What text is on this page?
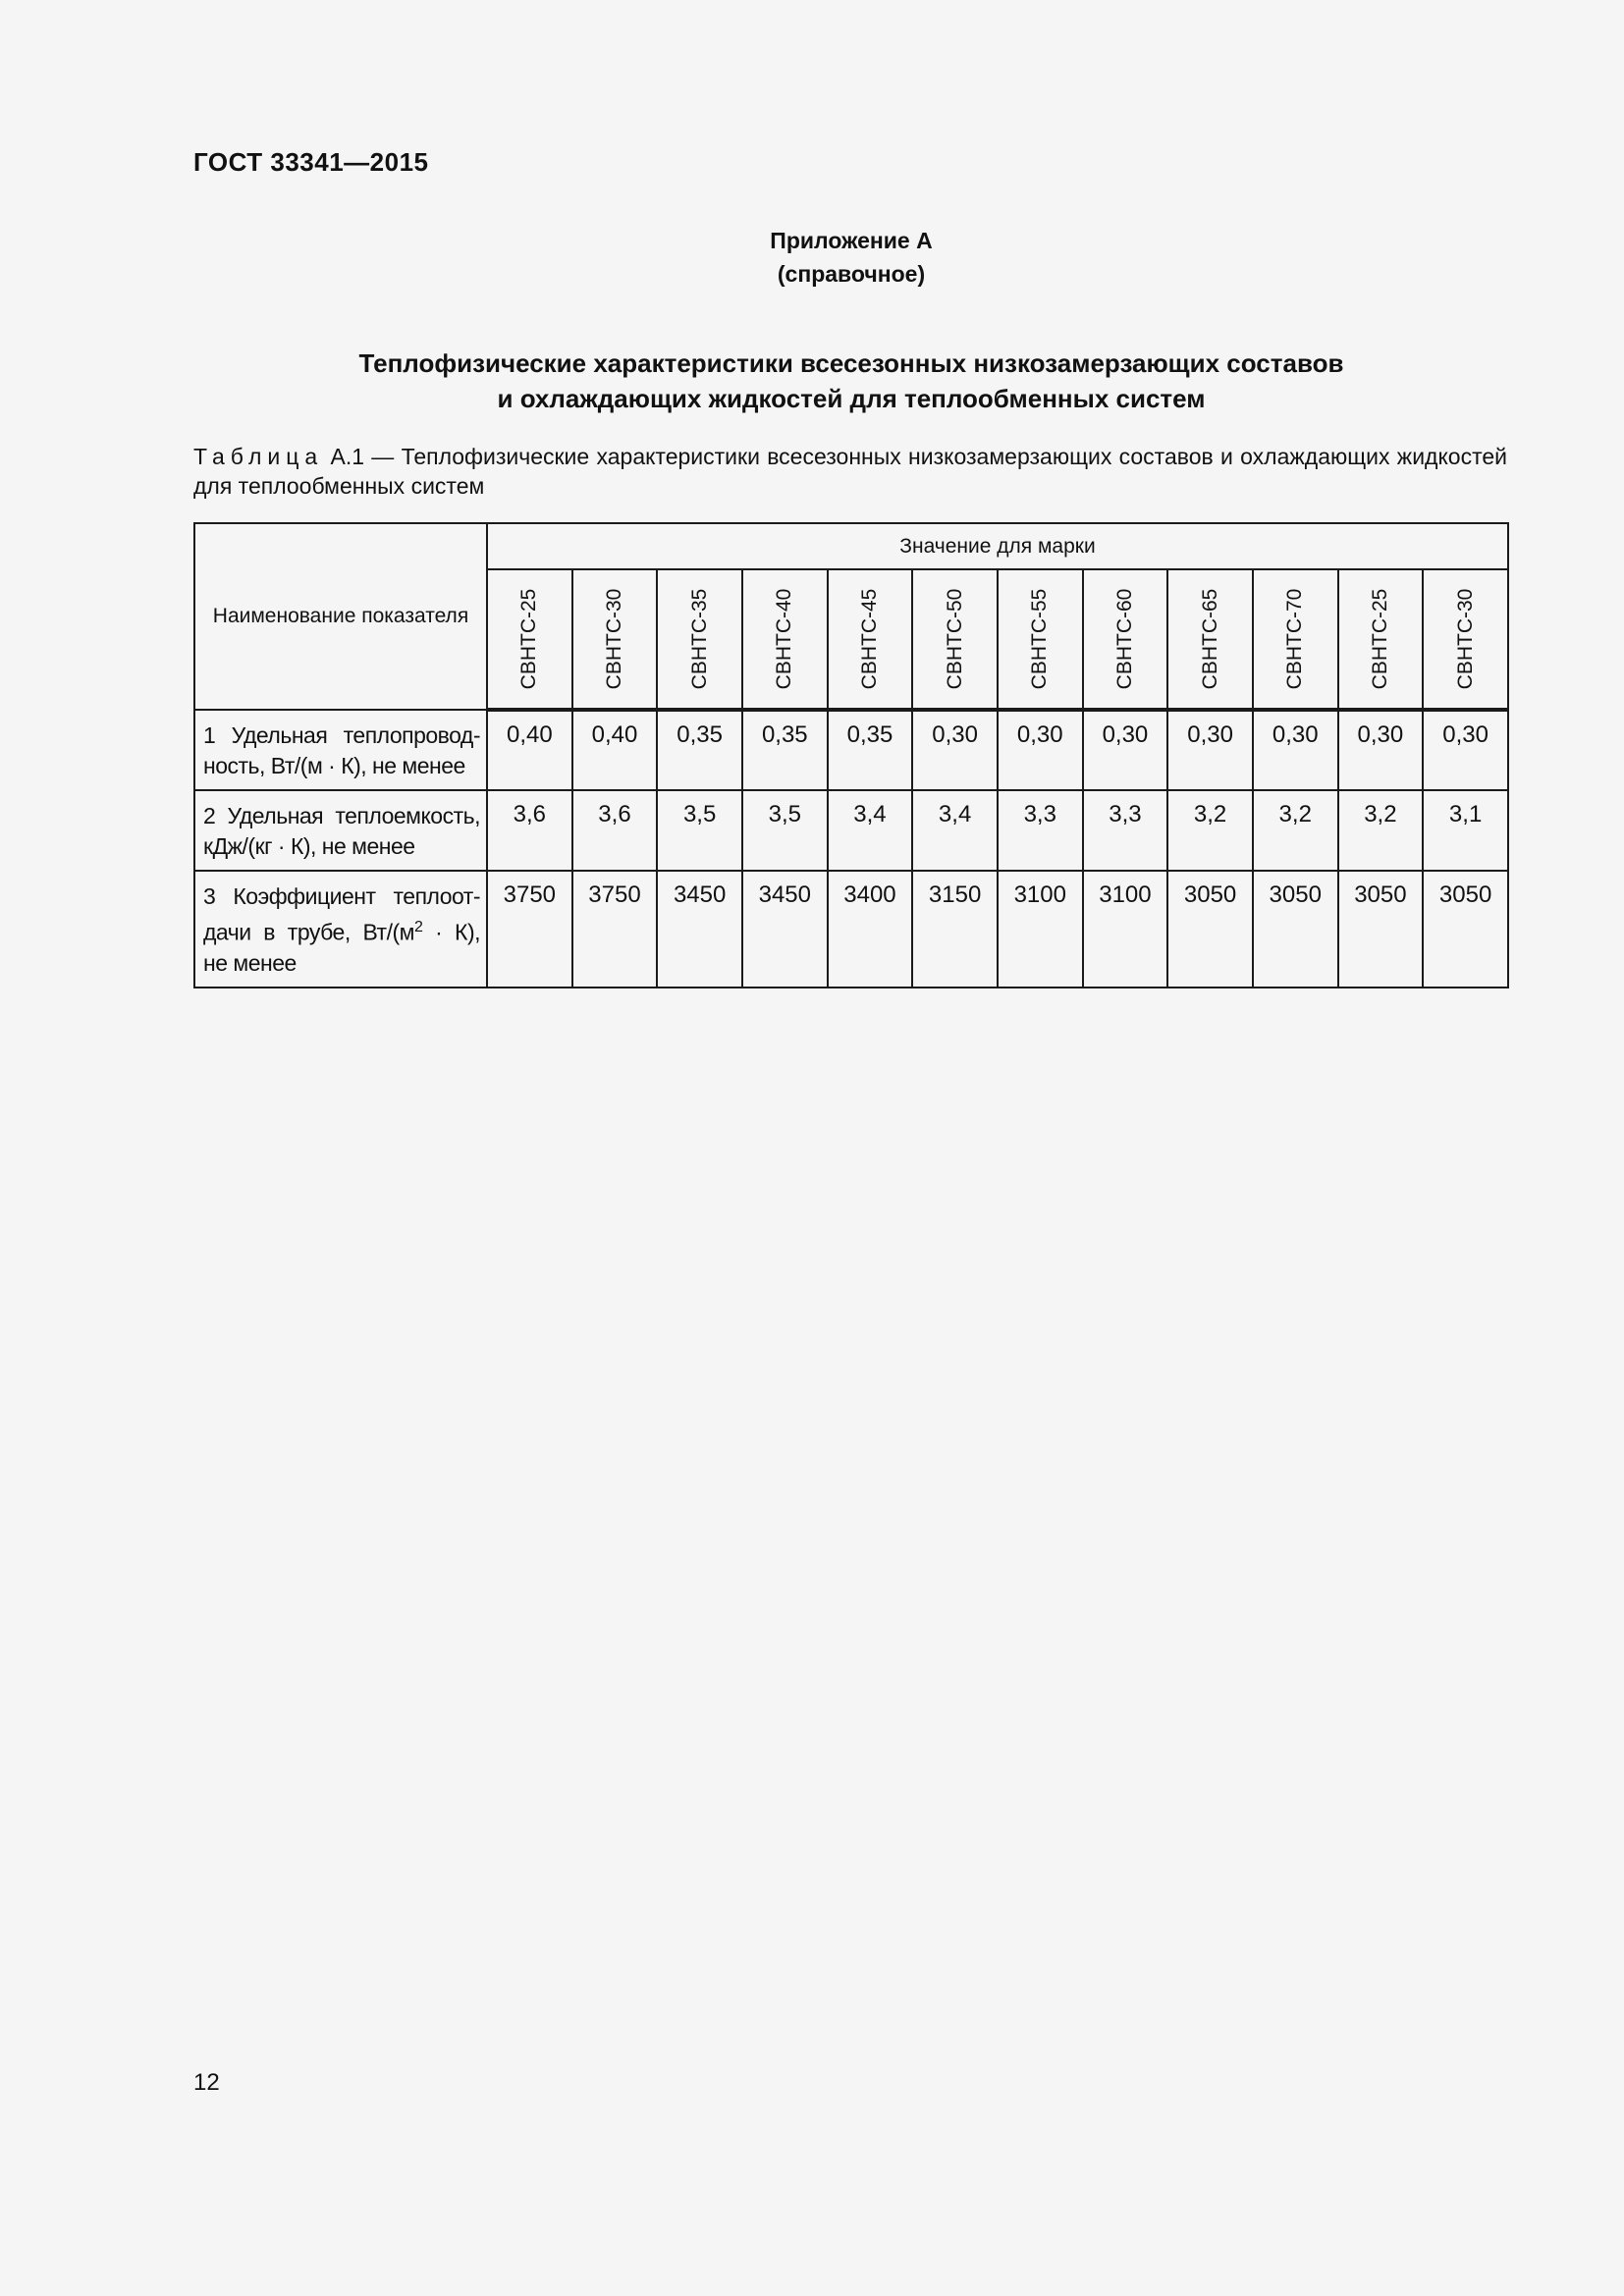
ГОСТ 33341—2015
Приложение А
(справочное)
Теплофизические характеристики всесезонных низкозамерзающих составов
и охлаждающих жидкостей для теплообменных систем
Таблица А.1 — Теплофизические характеристики всесезонных низкозамерзающих составов и охлаждающих жидкостей для теплообменных систем
Наименование показателя	Значение для марки											

	СВНТС-25	СВНТС-30	СВНТС-35	СВНТС-40	СВНТС-45	СВНТС-50	СВНТС-55	СВНТС-60	СВНТС-65	СВНТС-70	СВНТС-25	СВНТС-30

1 Удельная теплопровод-
ность, Вт/(м · К), не менее	0,40	0,40	0,35	0,35	0,35	0,30	0,30	0,30	0,30	0,30	0,30	0,30

2 Удельная теплоемкость,
кДж/(кг · К), не менее	3,6	3,6	3,5	3,5	3,4	3,4	3,3	3,3	3,2	3,2	3,2	3,1

3 Коэффициент теплоот-
дачи в трубе, $Вт/(м^2 \cdot К)$,
не менее	3750	3750	3450	3450	3400	3150	3100	3100	3050	3050	3050	3050
12
